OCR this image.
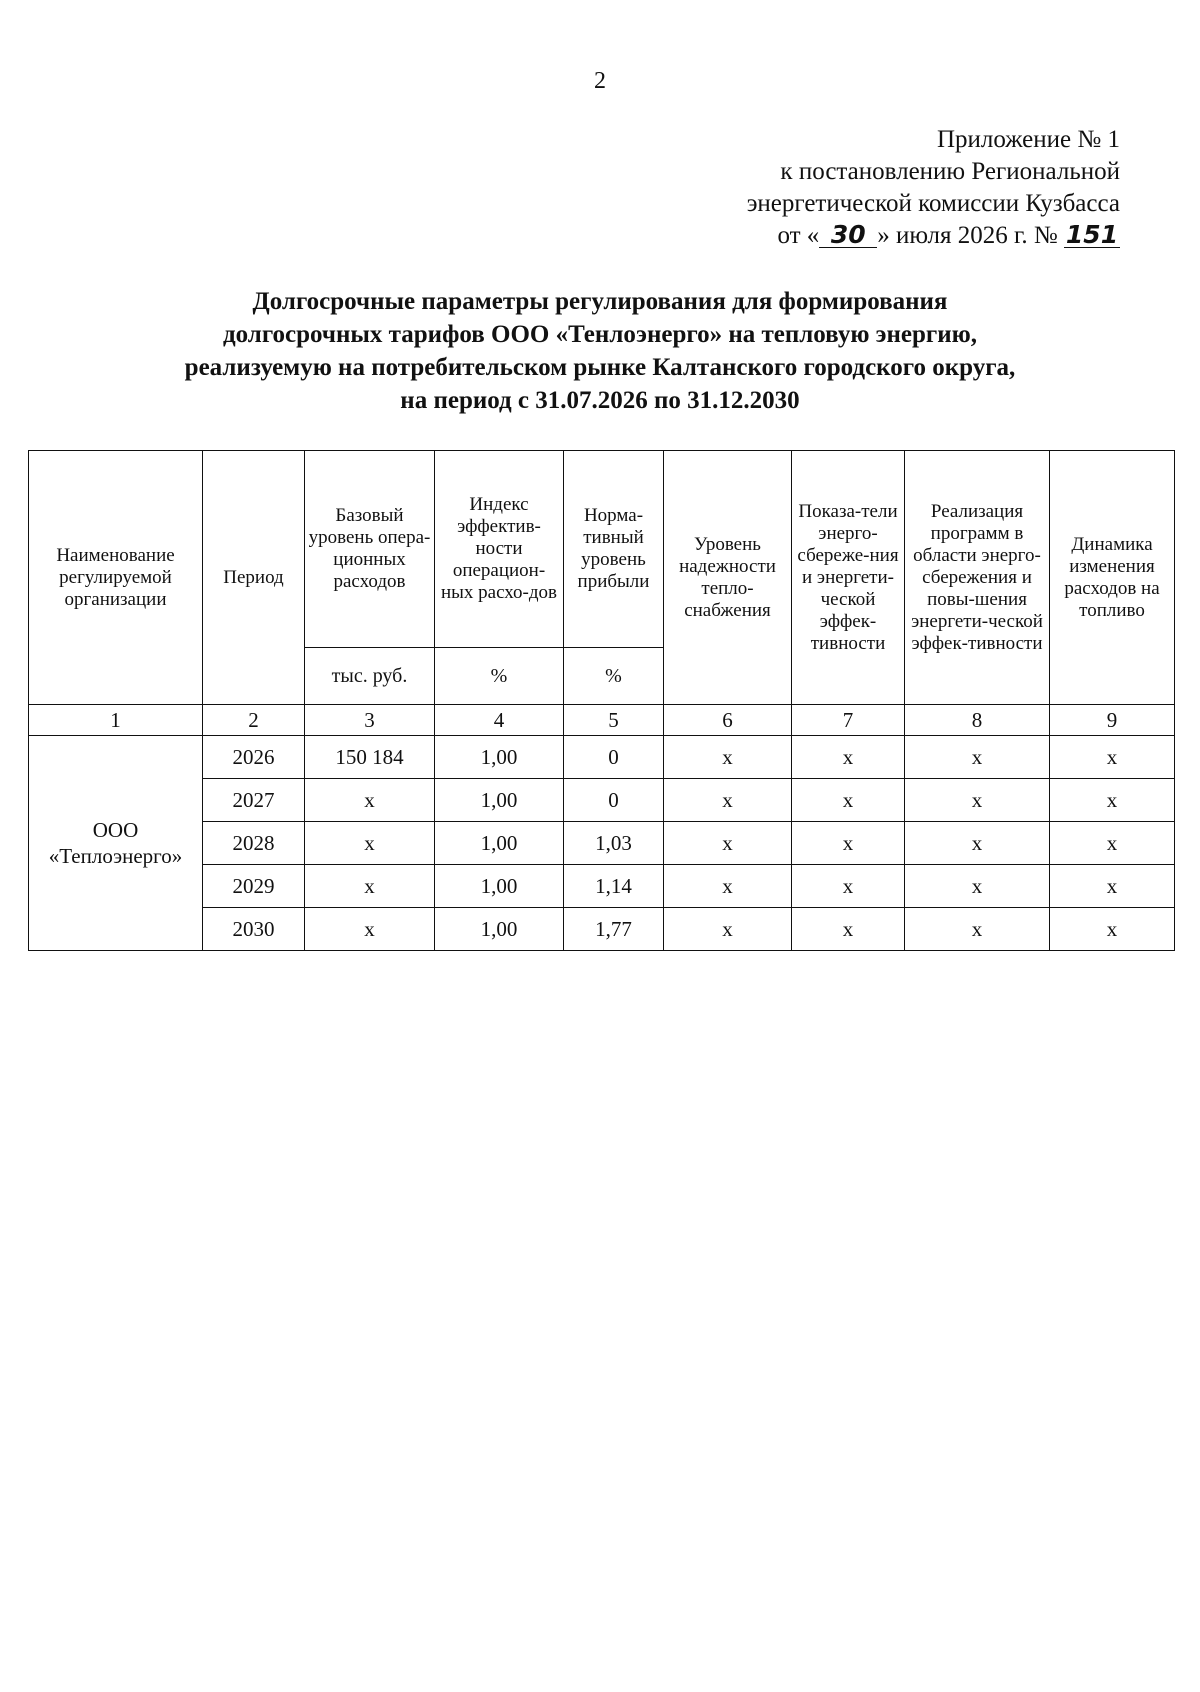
2
Приложение № 1
к постановлению Региональной
энергетической комиссии Кузбасса
от « 30 » июля 2026 г. № 151
Долгосрочные параметры регулирования для формирования
долгосрочных тарифов ООО «Тенлоэнерго» на тепловую энергию,
реализуемую на потребительском рынке Калтанского городского округа,
на период с 31.07.2026 по 31.12.2030
Наименование регулируемой организации	Период	Базовый уровень опера-ционных расходов	Индекс эффектив-ности операцион-ных расхо-дов	Норма-тивный уровень прибыли	Уровень надежности тепло-снабжения	Показа-тели энерго-сбереже-ния и энергети-ческой эффек-тивности	Реализация программ в области энерго-сбережения и повы-шения энергети-ческой эффек-тивности	Динамика изменения расходов на топливо
		тыс. руб.	%	%				
1	2	3	4	5	6	7	8	9
ООО «Теплоэнерго»	2026	150 184	1,00	0	x	x	x	x
	2027	x	1,00	0	x	x	x	x
	2028	x	1,00	1,03	x	x	x	x
	2029	x	1,00	1,14	x	x	x	x
	2030	x	1,00	1,77	x	x	x	x
